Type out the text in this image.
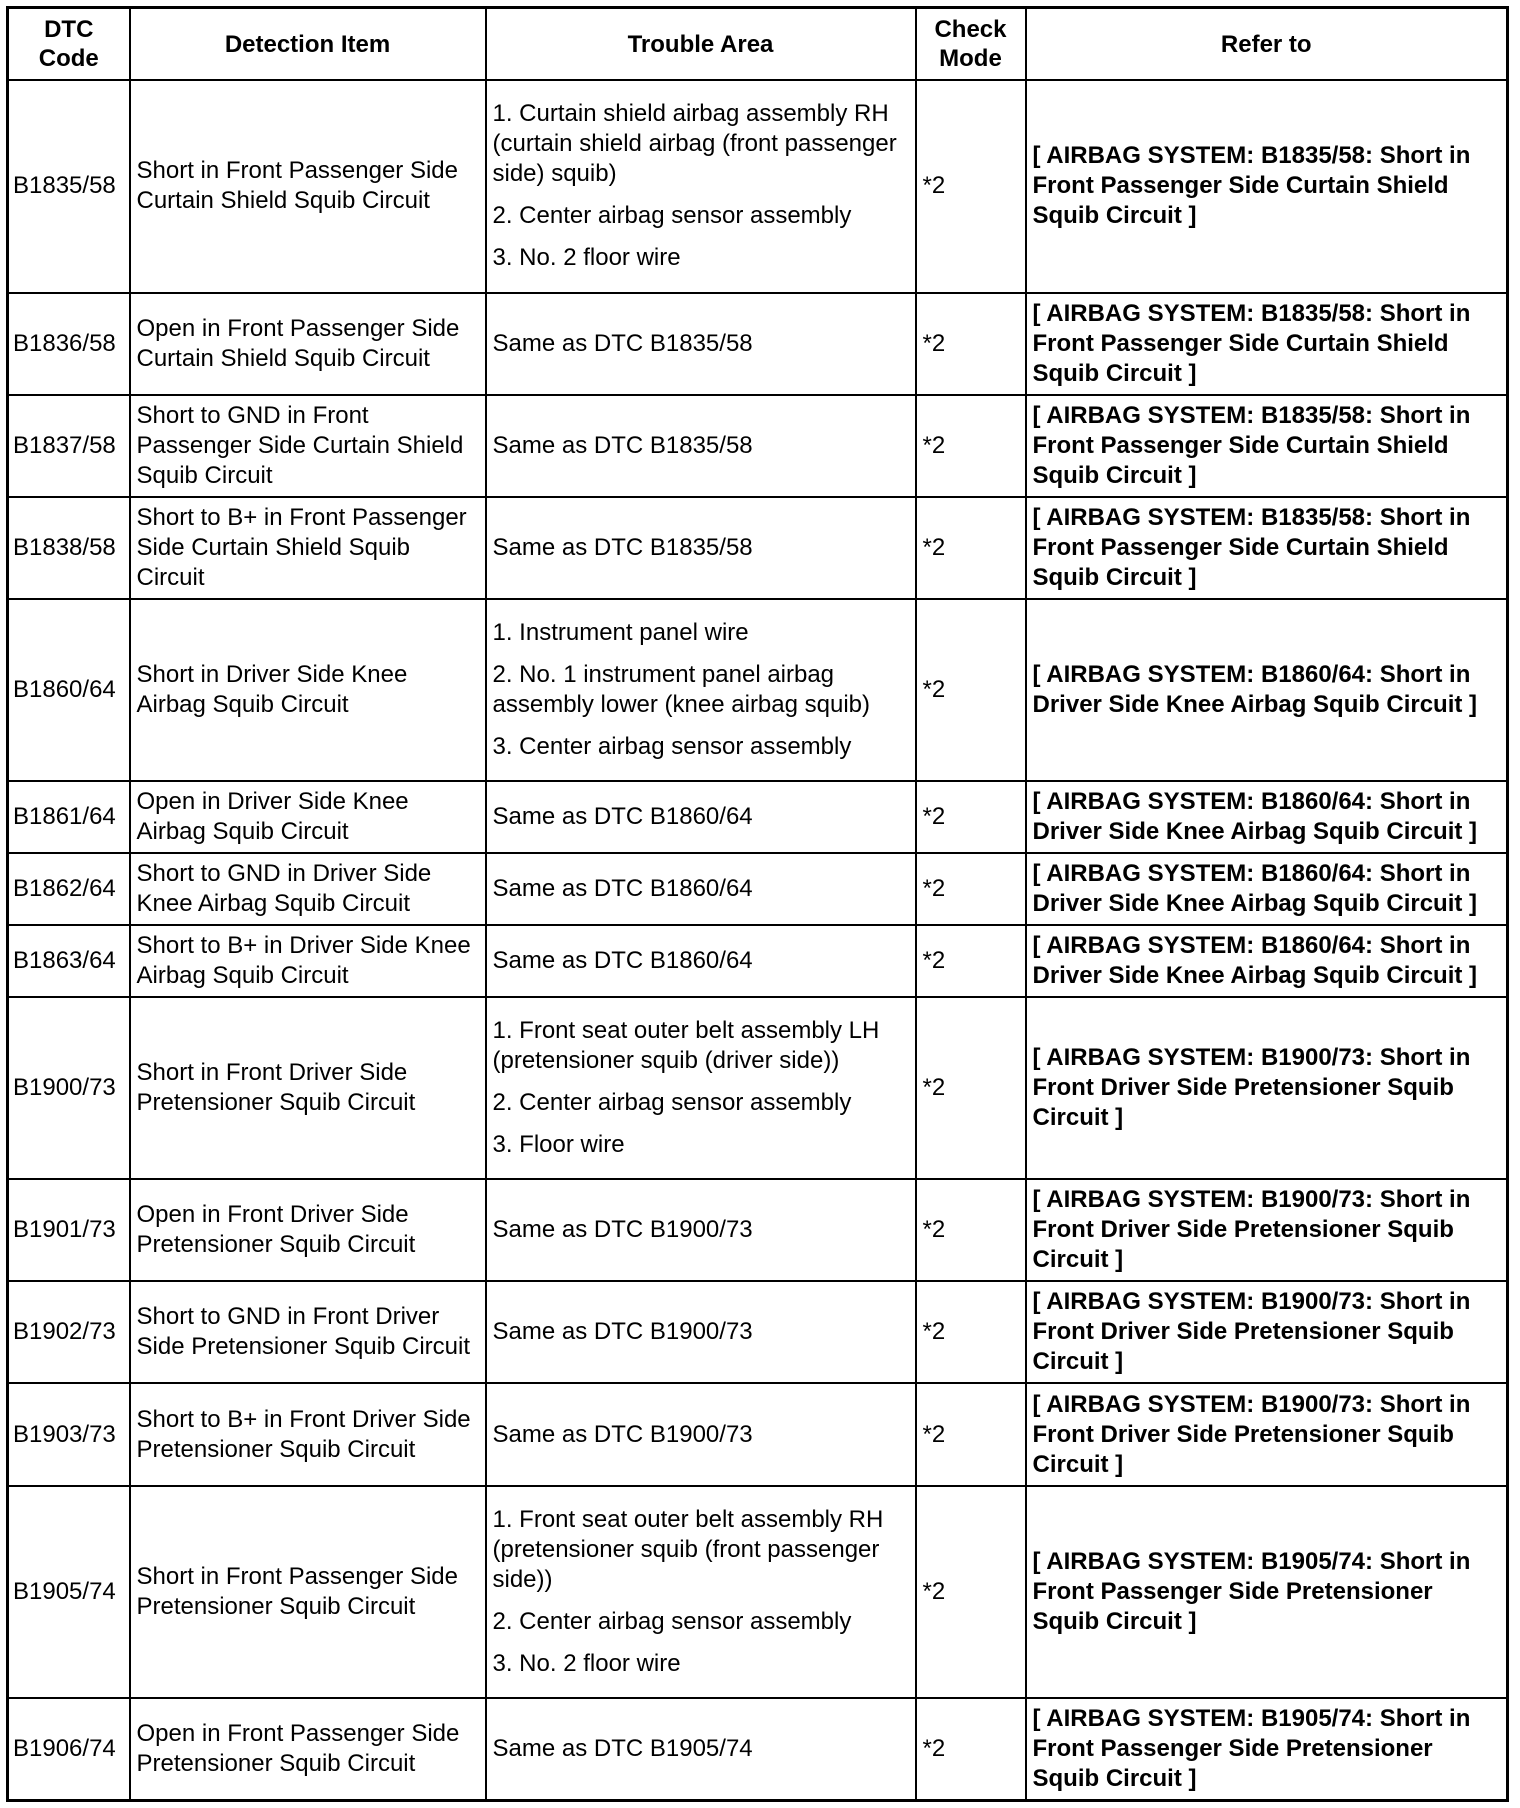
DTC Code	Detection Item	Trouble Area	Check Mode	Refer to
B1835/58	Short in Front Passenger Side Curtain Shield Squib Circuit	1. Curtain shield airbag assembly RH (curtain shield airbag (front passenger side) squib)
2. Center airbag sensor assembly
3. No. 2 floor wire	*2	[ AIRBAG SYSTEM: B1835/58: Short in Front Passenger Side Curtain Shield Squib Circuit ]
B1836/58	Open in Front Passenger Side Curtain Shield Squib Circuit	Same as DTC B1835/58	*2	[ AIRBAG SYSTEM: B1835/58: Short in Front Passenger Side Curtain Shield Squib Circuit ]
B1837/58	Short to GND in Front Passenger Side Curtain Shield Squib Circuit	Same as DTC B1835/58	*2	[ AIRBAG SYSTEM: B1835/58: Short in Front Passenger Side Curtain Shield Squib Circuit ]
B1838/58	Short to B+ in Front Passenger Side Curtain Shield Squib Circuit	Same as DTC B1835/58	*2	[ AIRBAG SYSTEM: B1835/58: Short in Front Passenger Side Curtain Shield Squib Circuit ]
B1860/64	Short in Driver Side Knee Airbag Squib Circuit	1. Instrument panel wire
2. No. 1 instrument panel airbag assembly lower (knee airbag squib)
3. Center airbag sensor assembly	*2	[ AIRBAG SYSTEM: B1860/64: Short in Driver Side Knee Airbag Squib Circuit ]
B1861/64	Open in Driver Side Knee Airbag Squib Circuit	Same as DTC B1860/64	*2	[ AIRBAG SYSTEM: B1860/64: Short in Driver Side Knee Airbag Squib Circuit ]
B1862/64	Short to GND in Driver Side Knee Airbag Squib Circuit	Same as DTC B1860/64	*2	[ AIRBAG SYSTEM: B1860/64: Short in Driver Side Knee Airbag Squib Circuit ]
B1863/64	Short to B+ in Driver Side Knee Airbag Squib Circuit	Same as DTC B1860/64	*2	[ AIRBAG SYSTEM: B1860/64: Short in Driver Side Knee Airbag Squib Circuit ]
B1900/73	Short in Front Driver Side Pretensioner Squib Circuit	1. Front seat outer belt assembly LH (pretensioner squib (driver side))
2. Center airbag sensor assembly
3. Floor wire	*2	[ AIRBAG SYSTEM: B1900/73: Short in Front Driver Side Pretensioner Squib Circuit ]
B1901/73	Open in Front Driver Side Pretensioner Squib Circuit	Same as DTC B1900/73	*2	[ AIRBAG SYSTEM: B1900/73: Short in Front Driver Side Pretensioner Squib Circuit ]
B1902/73	Short to GND in Front Driver Side Pretensioner Squib Circuit	Same as DTC B1900/73	*2	[ AIRBAG SYSTEM: B1900/73: Short in Front Driver Side Pretensioner Squib Circuit ]
B1903/73	Short to B+ in Front Driver Side Pretensioner Squib Circuit	Same as DTC B1900/73	*2	[ AIRBAG SYSTEM: B1900/73: Short in Front Driver Side Pretensioner Squib Circuit ]
B1905/74	Short in Front Passenger Side Pretensioner Squib Circuit	1. Front seat outer belt assembly RH (pretensioner squib (front passenger side))
2. Center airbag sensor assembly
3. No. 2 floor wire	*2	[ AIRBAG SYSTEM: B1905/74: Short in Front Passenger Side Pretensioner Squib Circuit ]
B1906/74	Open in Front Passenger Side Pretensioner Squib Circuit	Same as DTC B1905/74	*2	[ AIRBAG SYSTEM: B1905/74: Short in Front Passenger Side Pretensioner Squib Circuit ]
